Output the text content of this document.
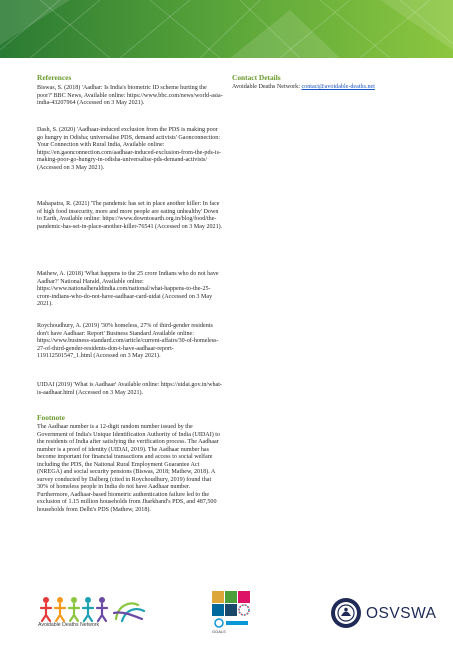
References	Contact Details

Biswas, S. (2018) 'Aadhar: Is India's biometric ID scheme hurting the poor?' BBC News, Available online: https://www.bbc.com/news/world-asia-india-43207964 (Accessed on 3 May 2021).

Dash, S. (2020) 'Aadhaar-induced exclusion from the PDS is making poor go hungry in Odisha; universalise PDS, demand activists' Gaonconnection: Your Connection with Rural India, Available online: https://en.gaonconnection.com/aadhaar-induced-exclusion-from-the-pds-is-making-poor-go-hungry-in-odisha-universalise-pds-demand-activists/ (Accessed on 3 May 2021).

Mahapatra, R. (2021) 'The pandemic has set in place another killer: In face of high food insecurity, more and more people are eating unhealthy' Down to Earth, Available online: https://www.downtoearth.org.in/blog/food/the-pandemic-has-set-in-place-another-killer-76541 (Accessed on 3 May 2021).

Mathew, A. (2018) 'What happens to the 25 crore Indians who do not have Aadhar?' National Harald, Available online: https://www.nationalheraldindia.com/national/what-happens-to-the-25-crore-indians-who-do-not-have-aadhaar-card-uidai (Accessed on 3 May 2021).

Roychoudhury, A. (2019) '30% homeless, 27% of third-gender residents don't have Aadhaar: Report' Business Standard Available online: https://www.business-standard.com/article/current-affairs/30-of-homeless-27-of-third-gender-residents-don-t-have-aadhaar-report-119112501547_1.html (Accessed on 3 May 2021).

UIDAI (2019) 'What is Aadhaar' Available online: https://uidai.gov.in/what-is-aadhaar.html (Accessed on 3 May 2021).

Footnote

The Aadhaar number is a 12-digit random number issued by the Government of India's Unique Identification Authority of India (UIDAI) to the residents of India after satisfying the verification process. The Aadhaar number is a proof of identity (UIDAI, 2019). The Aadhaar number has become important for financial transactions and access to social welfare including the PDS, the National Rural Employment Guarantee Act (NREGA) and social security pensions (Biswas, 2018; Mathew, 2018). A survey conducted by Dalberg (cited in Roychoudhury, 2019) found that 30% of homeless people in India do not have Aadhaar number. Furthermore, Aadhaar-based biometric authentication failure led to the exclusion of 1.15 million households from Jharkhand's PDS, and 487,500 households from Delhi's PDS (Mathew, 2018).

Avoidable Deaths Network: contact@avoidable-deaths.net
Avoidable Deaths Network
GOALS
OSVSWA
